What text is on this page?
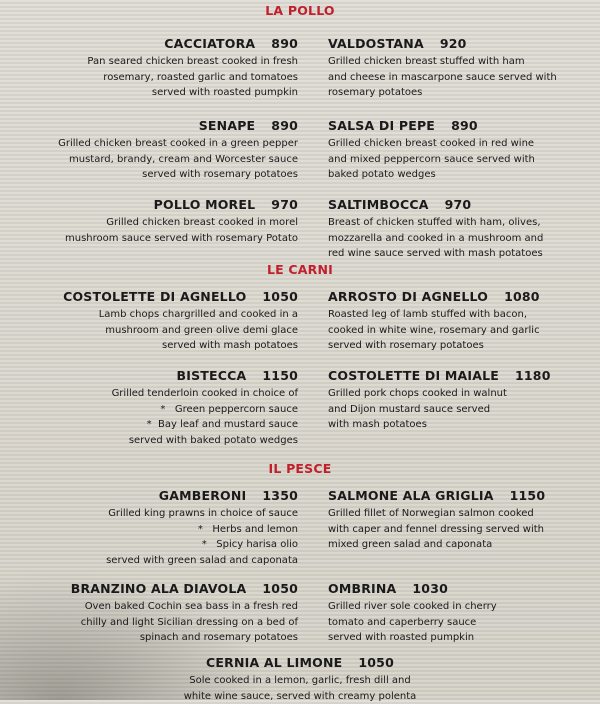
LA POLLO
CACCIATORA 890
Pan seared chicken breast cooked in fresh
rosemary, roasted garlic and tomatoes
served with roasted pumpkin
VALDOSTANA 920
Grilled chicken breast stuffed with ham
and cheese in mascarpone sauce served with
rosemary potatoes
SENAPE 890
Grilled chicken breast cooked in a green pepper
mustard, brandy, cream and Worcester sauce
served with rosemary potatoes
SALSA DI PEPE 890
Grilled chicken breast cooked in red wine
and mixed peppercorn sauce served with
baked potato wedges
POLLO MOREL 970
Grilled chicken breast cooked in morel
mushroom sauce served with rosemary Potato
SALTIMBOCCA 970
Breast of chicken stuffed with ham, olives,
mozzarella and cooked in a mushroom and
red wine sauce served with mash potatoes
LE CARNI
COSTOLETTE DI AGNELLO 1050
Lamb chops chargrilled and cooked in a
mushroom and green olive demi glace
served with mash potatoes
ARROSTO DI AGNELLO 1080
Roasted leg of lamb stuffed with bacon,
cooked in white wine, rosemary and garlic
served with rosemary potatoes
BISTECCA 1150
Grilled tenderloin cooked in choice of
*   Green peppercorn sauce
*  Bay leaf and mustard sauce
served with baked potato wedges
COSTOLETTE DI MAIALE 1180
Grilled pork chops cooked in walnut
and Dijon mustard sauce served
with mash potatoes
IL PESCE
GAMBERONI 1350
Grilled king prawns in choice of sauce
*   Herbs and lemon
*   Spicy harisa olio
served with green salad and caponata
SALMONE ALA GRIGLIA 1150
Grilled fillet of Norwegian salmon cooked
with caper and fennel dressing served with
mixed green salad and caponata
BRANZINO ALA DIAVOLA 1050
Oven baked Cochin sea bass in a fresh red
chilly and light Sicilian dressing on a bed of
spinach and rosemary potatoes
OMBRINA 1030
Grilled river sole cooked in cherry
tomato and caperberry sauce
served with roasted pumpkin
CERNIA AL LIMONE 1050
Sole cooked in a lemon, garlic, fresh dill and
white wine sauce, served with creamy polenta
